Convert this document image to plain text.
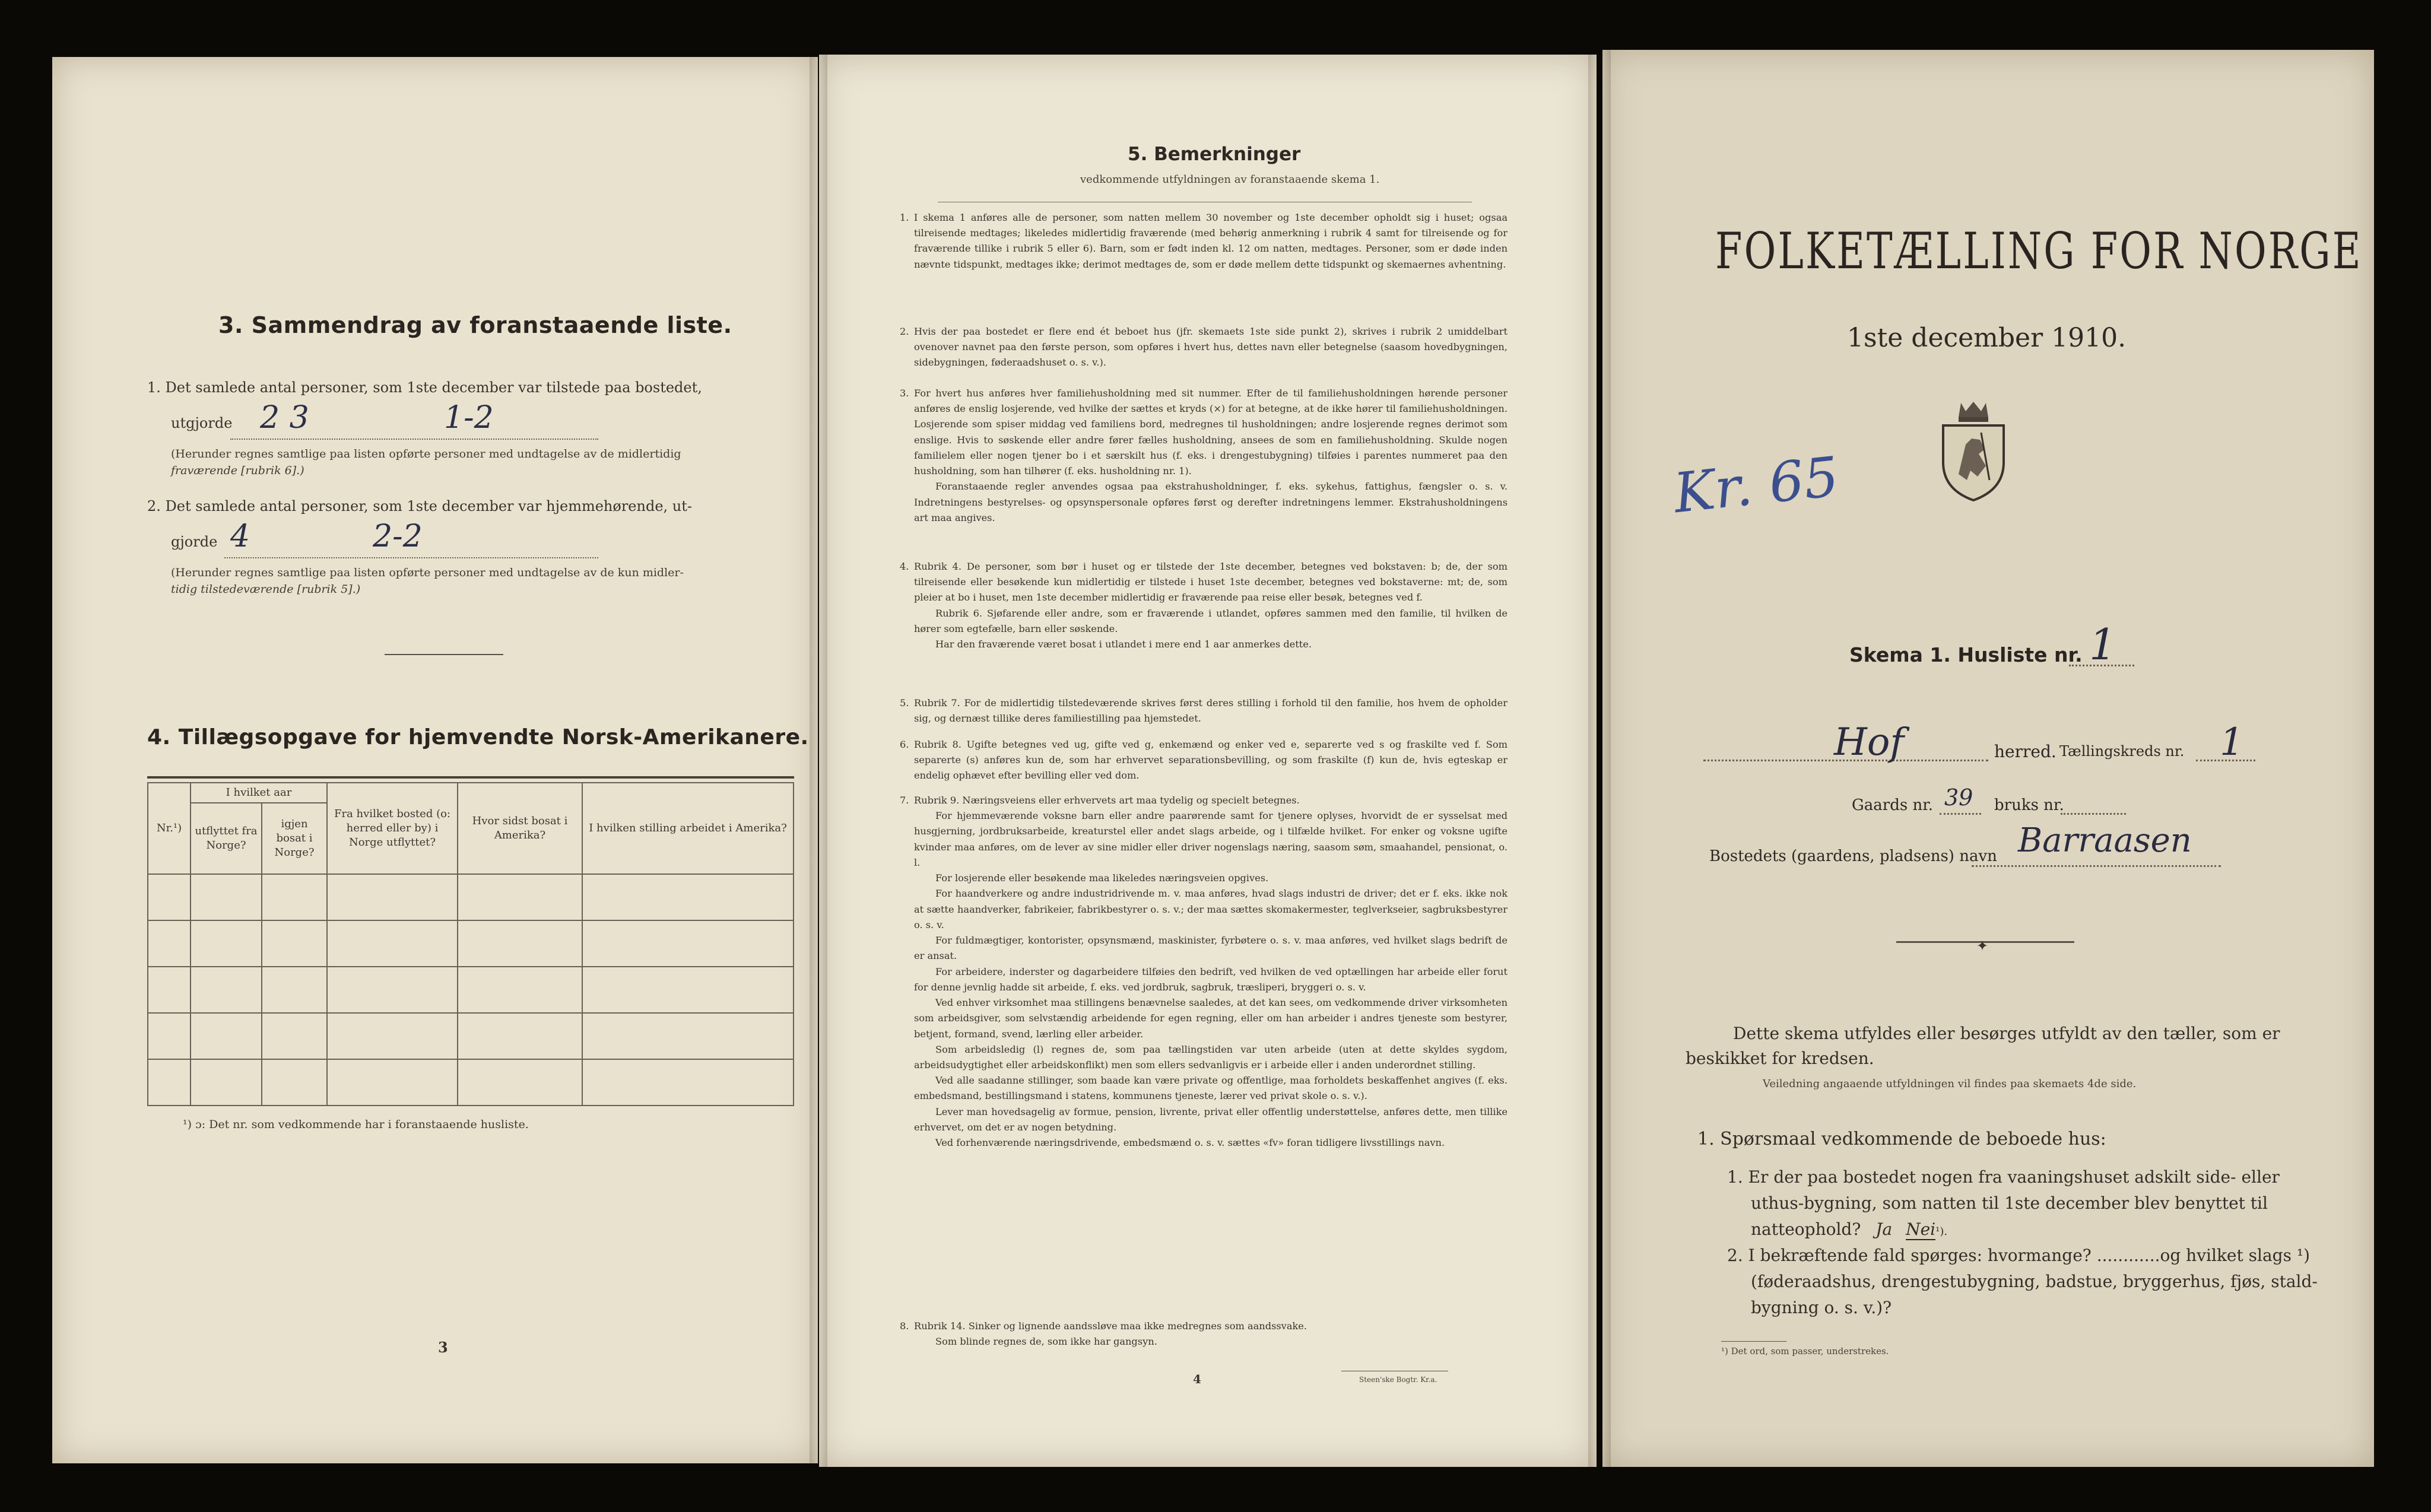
3. Sammendrag av foranstaaende liste.
1. Det samlede antal personer, som 1ste december var tilstede paa bostedet,
utgjorde 2 3	1-2
(Herunder regnes samtlige paa listen opførte personer med undtagelse av de midlertidig
fraværende [rubrik 6].)
2. Det samlede antal personer, som 1ste december var hjemmehørende, ut-
gjorde 4	2-2
(Herunder regnes samtlige paa listen opførte personer med undtagelse av de kun midler-
tidig tilstedeværende [rubrik 5].)
4. Tillægsopgave for hjemvendte Norsk-Amerikanere.
Nr.¹)	I hvilket aar		Fra hvilket bosted (o: herred eller by) i Norge utflyttet?	Hvor sidst bosat i Amerika?	I hvilken stilling arbeidet i Amerika?
	utflyttet fra Norge?	igjen bosat i Norge?			

¹) ɔ: Det nr. som vedkommende har i foranstaaende husliste.
3
5. Bemerkninger
vedkommende utfyldningen av foranstaaende skema 1.
1. I skema 1 anføres alle de personer, som natten mellem 30 november og 1ste december opholdt sig i huset; ogsaa tilreisende medtages; likeledes midlertidig fraværende (med behørig anmerkning i rubrik 4 samt for tilreisende og for fraværende tillike i rubrik 5 eller 6). Barn, som er født inden kl. 12 om natten, medtages. Personer, som er døde inden nævnte tidspunkt, medtages ikke; derimot medtages de, som er døde mellem dette tidspunkt og skemaernes avhentning.

2. Hvis der paa bostedet er flere end ét beboet hus (jfr. skemaets 1ste side punkt 2), skrives i rubrik 2 umiddelbart ovenover navnet paa den første person, som opføres i hvert hus, dettes navn eller betegnelse (saasom hovedbygningen, sidebygningen, føderaadshuset o. s. v.).

3. For hvert hus anføres hver familiehusholdning med sit nummer. Efter de til familiehusholdningen hørende personer anføres de enslig losjerende, ved hvilke der sættes et kryds (×) for at betegne, at de ikke hører til familiehusholdningen. Losjerende som spiser middag ved familiens bord, medregnes til husholdningen; andre losjerende regnes derimot som enslige. Hvis to søskende eller andre fører fælles husholdning, ansees de som en familiehusholdning. Skulde nogen familielem eller nogen tjener bo i et særskilt hus (f. eks. i drengestubygning) tilføies i parentes nummeret paa den husholdning, som han tilhører (f. eks. husholdning nr. 1).

Foranstaaende regler anvendes ogsaa paa ekstrahusholdninger, f. eks. sykehus, fattighus, fængsler o. s. v. Indretningens bestyrelses- og opsynspersonale opføres først og derefter indretningens lemmer. Ekstrahusholdningens art maa angives.

4. Rubrik 4. De personer, som bør i huset og er tilstede der 1ste december, betegnes ved bokstaven: b; de, der som tilreisende eller besøkende kun midlertidig er tilstede i huset 1ste december, betegnes ved bokstaverne: mt; de, som pleier at bo i huset, men 1ste december midlertidig er fraværende paa reise eller besøk, betegnes ved f.

Rubrik 6. Sjøfarende eller andre, som er fraværende i utlandet, opføres sammen med den familie, til hvilken de hører som egtefælle, barn eller søskende.

Har den fraværende været bosat i utlandet i mere end 1 aar anmerkes dette.

5. Rubrik 7. For de midlertidig tilstedeværende skrives først deres stilling i forhold til den familie, hos hvem de opholder sig, og dernæst tillike deres familiestilling paa hjemstedet.

6. Rubrik 8. Ugifte betegnes ved ug, gifte ved g, enkemænd og enker ved e, separerte ved s og fraskilte ved f. Som separerte (s) anføres kun de, som har erhvervet separationsbevilling, og som fraskilte (f) kun de, hvis egteskap er endelig ophævet efter bevilling eller ved dom.

7. Rubrik 9. Næringsveiens eller erhvervets art maa tydelig og specielt betegnes.

For hjemmeværende voksne barn eller andre paarørende samt for tjenere oplyses, hvorvidt de er sysselsat med husgjerning, jordbruksarbeide, kreaturstel eller andet slags arbeide, og i tilfælde hvilket. For enker og voksne ugifte kvinder maa anføres, om de lever av sine midler eller driver nogenslags næring, saasom søm, smaahandel, pensionat, o. l.

For losjerende eller besøkende maa likeledes næringsveien opgives.

For haandverkere og andre industridrivende m. v. maa anføres, hvad slags industri de driver; det er f. eks. ikke nok at sætte haandverker, fabrikeier, fabrikbestyrer o. s. v.; der maa sættes skomakermester, teglverkseier, sagbruksbestyrer o. s. v.

For fuldmægtiger, kontorister, opsynsmænd, maskinister, fyrbøtere o. s. v. maa anføres, ved hvilket slags bedrift de er ansat.

For arbeidere, inderster og dagarbeidere tilføies den bedrift, ved hvilken de ved optællingen har arbeide eller forut for denne jevnlig hadde sit arbeide, f. eks. ved jordbruk, sagbruk, træsliperi, bryggeri o. s. v.

Ved enhver virksomhet maa stillingens benævnelse saaledes, at det kan sees, om vedkommende driver virksomheten som arbeidsgiver, som selvstændig arbeidende for egen regning, eller om han arbeider i andres tjeneste som bestyrer, betjent, formand, svend, lærling eller arbeider.

Som arbeidsledig (l) regnes de, som paa tællingstiden var uten arbeide (uten at dette skyldes sygdom, arbeidsudygtighet eller arbeidskonflikt) men som ellers sedvanligvis er i arbeide eller i anden underordnet stilling.

Ved alle saadanne stillinger, som baade kan være private og offentlige, maa forholdets beskaffenhet angives (f. eks. embedsmand, bestillingsmand i statens, kommunens tjeneste, lærer ved privat skole o. s. v.).

Lever man hovedsagelig av formue, pension, livrente, privat eller offentlig understøttelse, anføres dette, men tillike erhvervet, om det er av nogen betydning.

Ved forhenværende næringsdrivende, embedsmænd o. s. v. sættes «fv» foran tidligere livsstillings navn.

8. Rubrik 14. Sinker og lignende aandssløve maa ikke medregnes som aandssvake.

Som blinde regnes de, som ikke har gangsyn.

4	Steen'ske Bogtr. Kr.a.
FOLKETÆLLING FOR NORGE
1ste december 1910.
Kr. 65
Skema 1. Husliste nr. 1
Hof	herred. Tællingskreds nr. 1
Gaards nr. 39 bruks nr.
Bostedets (gaardens, pladsens) navn Barraasen
✦
Dette skema utfyldes eller besørges utfyldt av den tæller, som er
beskikket for kredsen.
Veiledning angaaende utfyldningen vil findes paa skemaets 4de side.
1. Spørsmaal vedkommende de beboede hus:
1. Er der paa bostedet nogen fra vaaningshuset adskilt side- eller
uthus-bygning, som natten til 1ste december blev benyttet til
natteophold? Ja Nei¹).
2. I bekræftende fald spørges: hvormange? ............og hvilket slags ¹)
(føderaadshus, drengestubygning, badstue, bryggerhus, fjøs, stald-
bygning o. s. v.)?
¹) Det ord, som passer, understrekes.
